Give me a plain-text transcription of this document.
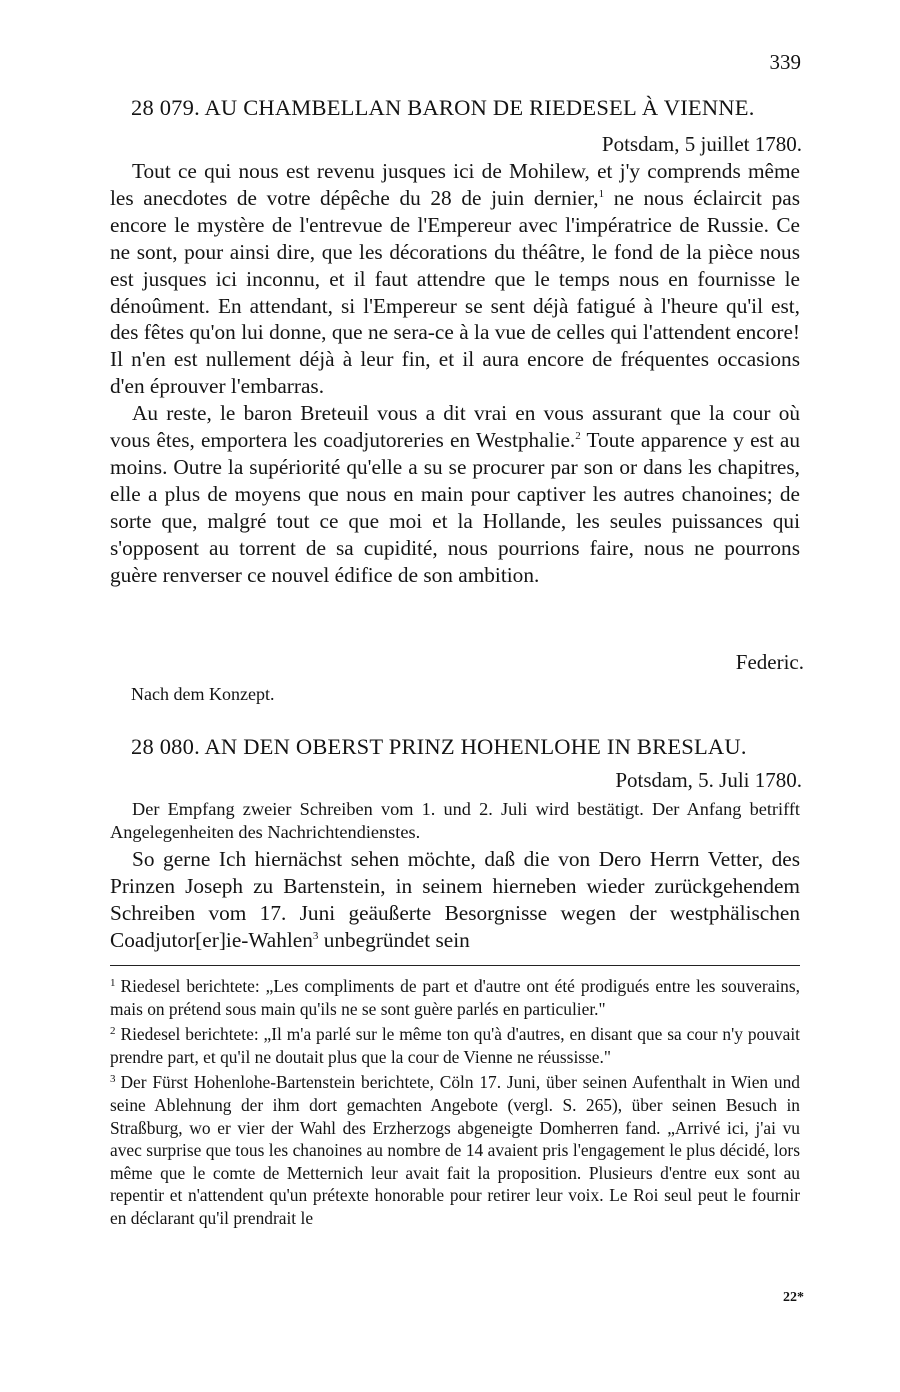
339
28 079. AU CHAMBELLAN BARON DE RIEDESEL À VIENNE.
Potsdam, 5 juillet 1780.

Tout ce qui nous est revenu jusques ici de Mohilew, et j'y comprends même les anecdotes de votre dépêche du 28 de juin dernier,$^1$ ne nous éclaircit pas encore le mystère de l'entrevue de l'Empereur avec l'impératrice de Russie. Ce ne sont, pour ainsi dire, que les décorations du théâtre, le fond de la pièce nous est jusques ici inconnu, et il faut attendre que le temps nous en fournisse le dénoûment. En attendant, si l'Empereur se sent déjà fatigué à l'heure qu'il est, des fêtes qu'on lui donne, que ne sera-ce à la vue de celles qui l'attendent encore! Il n'en est nullement déjà à leur fin, et il aura encore de fréquentes occasions d'en éprouver l'embarras.

Au reste, le baron Breteuil vous a dit vrai en vous assurant que la cour où vous êtes, emportera les coadjutoreries en Westphalie.$^2$ Toute apparence y est au moins. Outre la supériorité qu'elle a su se procurer par son or dans les chapitres, elle a plus de moyens que nous en main pour captiver les autres chanoines; de sorte que, malgré tout ce que moi et la Hollande, les seules puissances qui s'opposent au torrent de sa cupidité, nous pourrions faire, nous ne pourrons guère renverser ce nouvel édifice de son ambition.

Federic.
Nach dem Konzept.
28 080. AN DEN OBERST PRINZ HOHENLOHE IN BRESLAU.
Potsdam, 5. Juli 1780.
Der Empfang zweier Schreiben vom 1. und 2. Juli wird bestätigt. Der Anfang betrifft Angelegenheiten des Nachrichtendienstes.

So gerne Ich hiernächst sehen möchte, daß die von Dero Herrn Vetter, des Prinzen Joseph zu Bartenstein, in seinem hierneben wieder zurückgehendem Schreiben vom 17. Juni geäußerte Besorgnisse wegen der westphälischen Coadjutor[er]ie-Wahlen$^3$ unbegründet sein

$^1$ Riedesel berichtete: „Les compliments de part et d'autre ont été prodigués entre les souverains, mais on prétend sous main qu'ils ne se sont guère parlés en particulier."

$^2$ Riedesel berichtete: „Il m'a parlé sur le même ton qu'à d'autres, en disant que sa cour n'y pouvait prendre part, et qu'il ne doutait plus que la cour de Vienne ne réussisse."

$^3$ Der Fürst Hohenlohe-Bartenstein berichtete, Cöln 17. Juni, über seinen Aufenthalt in Wien und seine Ablehnung der ihm dort gemachten Angebote (vergl. S. 265), über seinen Besuch in Straßburg, wo er vier der Wahl des Erzherzogs abgeneigte Domherren fand. „Arrivé ici, j'ai vu avec surprise que tous les chanoines au nombre de 14 avaient pris l'engagement le plus décidé, lors même que le comte de Metternich leur avait fait la proposition. Plusieurs d'entre eux sont au repentir et n'attendent qu'un prétexte honorable pour retirer leur voix. Le Roi seul peut le fournir en déclarant qu'il prendrait le

22*
